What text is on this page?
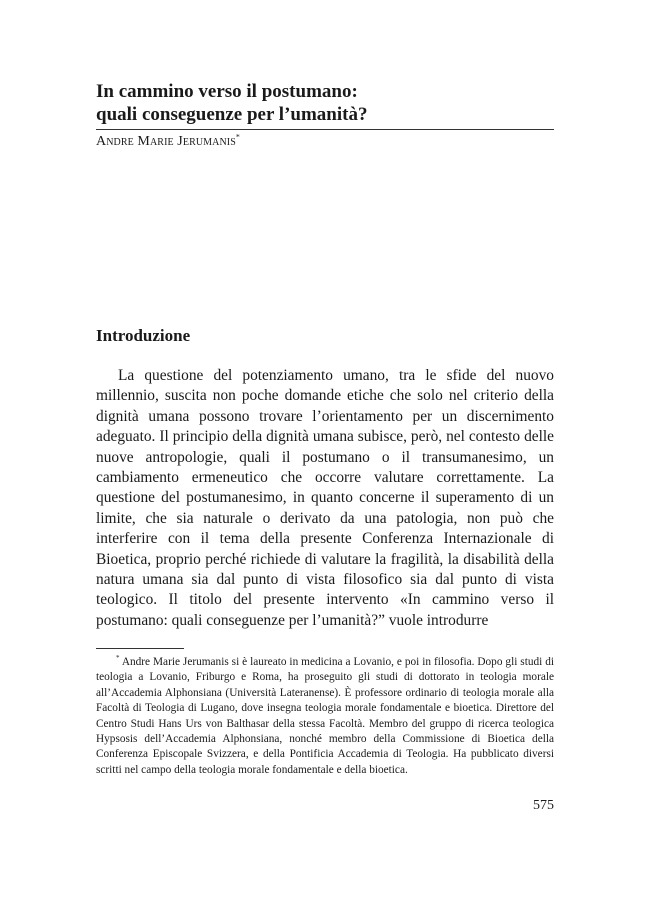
In cammino verso il postumano:
quali conseguenze per l’umanità?
Andre Marie Jerumanis*
Introduzione

La questione del potenziamento umano, tra le sfide del nuovo millennio, suscita non poche domande etiche che solo nel criterio della dignità umana possono trovare l’orientamento per un discernimento adeguato. Il principio della dignità umana subisce, però, nel contesto delle nuove antropologie, quali il postumano o il transumanesimo, un cambiamento ermeneutico che occorre valutare correttamente. La questione del postumanesimo, in quanto concerne il superamento di un limite, che sia naturale o derivato da una patologia, non può che interferire con il tema della presente Conferenza Internazionale di Bioetica, proprio perché richiede di valutare la fragilità, la disabilità della natura umana sia dal punto di vista filosofico sia dal punto di vista teologico. Il titolo del presente intervento «In cammino verso il postumano: quali conseguenze per l’umanità?” vuole introdurre

* Andre Marie Jerumanis si è laureato in medicina a Lovanio, e poi in filosofia. Dopo gli studi di teologia a Lovanio, Friburgo e Roma, ha proseguito gli studi di dottorato in teologia morale all’Accademia Alphonsiana (Università Lateranense). È professore ordinario di teologia morale alla Facoltà di Teologia di Lugano, dove insegna teologia morale fondamentale e bioetica. Direttore del Centro Studi Hans Urs von Balthasar della stessa Facoltà. Membro del gruppo di ricerca teologica Hypsosis dell’Accademia Alphonsiana, nonché membro della Commissione di Bioetica della Conferenza Episcopale Svizzera, e della Pontificia Accademia di Teologia. Ha pubblicato diversi scritti nel campo della teologia morale fondamentale e della bioetica.

575
